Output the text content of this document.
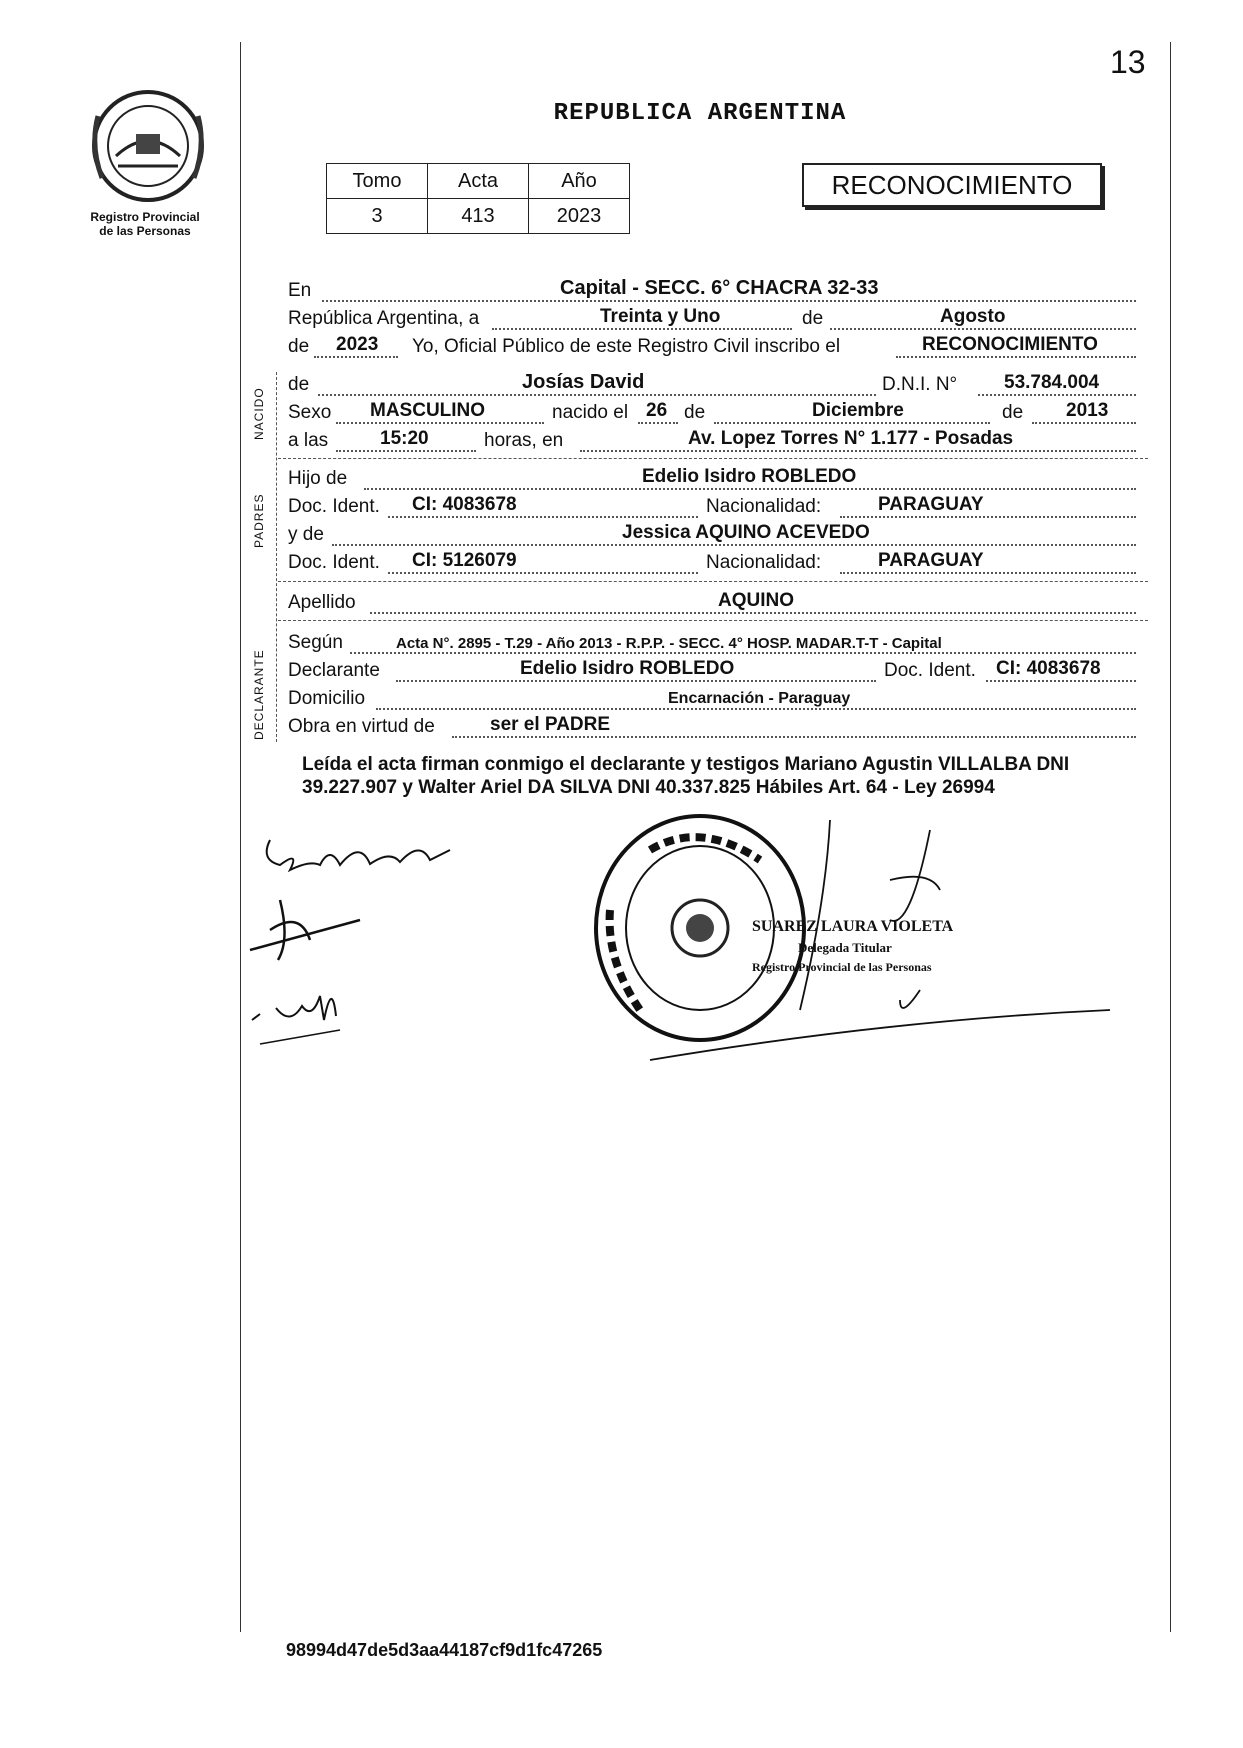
13
Registro Provincial
de las Personas
REPUBLICA ARGENTINA
Tomo	Acta	Año
3	413	2023
RECONOCIMIENTO
NACIDO
PADRES
DECLARANTE
En	Capital - SECC. 6° CHACRA 32-33
República Argentina, a	Treinta y Uno	de	Agosto
de 2023 Yo, Oficial Público de este Registro Civil inscribo el	RECONOCIMIENTO
de	Josías David	D.N.I. N° 53.784.004
Sexo MASCULINO	nacido el 26 de	Diciembre	de 2013
a las	15:20	horas, en	Av. Lopez Torres N° 1.177 - Posadas
Hijo de	Edelio Isidro ROBLEDO
Doc. Ident. CI: 4083678	Nacionalidad:	PARAGUAY
y de	Jessica AQUINO ACEVEDO
Doc. Ident. CI: 5126079	Nacionalidad:	PARAGUAY
Apellido	AQUINO
Según	Acta N°. 2895 - T.29 - Año 2013 - R.P.P. - SECC. 4° HOSP. MADAR.T-T - Capital
Declarante	Edelio Isidro ROBLEDO	Doc. Ident. CI: 4083678
Domicilio	Encarnación - Paraguay
Obra en virtud de	ser el PADRE
Leída el acta firman conmigo el declarante y testigos Mariano Agustin VILLALBA DNI 39.227.907 y Walter Ariel DA SILVA DNI 40.337.825 Hábiles Art. 64 - Ley 26994
SUAREZ LAURA VIOLETA
Delegada Titular
Registro Provincial de las Personas
98994d47de5d3aa44187cf9d1fc47265
